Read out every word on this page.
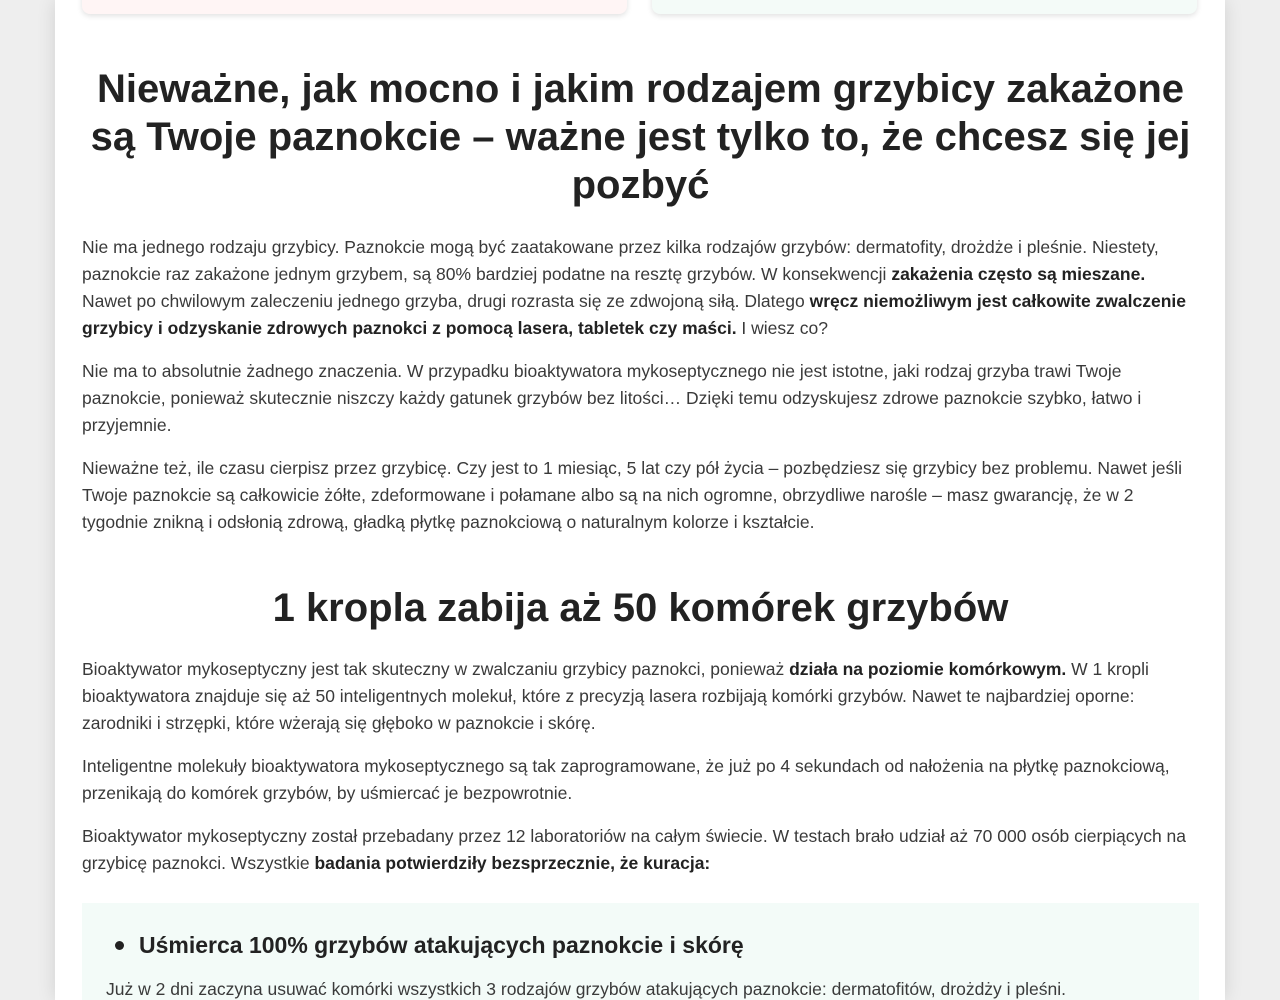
Nieważne, jak mocno i jakim rodzajem grzybicy zakażone są Twoje paznokcie – ważne jest tylko to, że chcesz się jej pozbyć

Nie ma jednego rodzaju grzybicy. Paznokcie mogą być zaatakowane przez kilka rodzajów grzybów: dermatofity, drożdże i pleśnie. Niestety, paznokcie raz zakażone jednym grzybem, są 80% bardziej podatne na resztę grzybów. W konsekwencji zakażenia często są mieszane. Nawet po chwilowym zaleczeniu jednego grzyba, drugi rozrasta się ze zdwojoną siłą. Dlatego wręcz niemożliwym jest całkowite zwalczenie grzybicy i odzyskanie zdrowych paznokci z pomocą lasera, tabletek czy maści. I wiesz co?

Nie ma to absolutnie żadnego znaczenia. W przypadku bioaktywatora mykoseptycznego nie jest istotne, jaki rodzaj grzyba trawi Twoje paznokcie, ponieważ skutecznie niszczy każdy gatunek grzybów bez litości… Dzięki temu odzyskujesz zdrowe paznokcie szybko, łatwo i przyjemnie.

Nieważne też, ile czasu cierpisz przez grzybicę. Czy jest to 1 miesiąc, 5 lat czy pół życia – pozbędziesz się grzybicy bez problemu. Nawet jeśli Twoje paznokcie są całkowicie żółte, zdeformowane i połamane albo są na nich ogromne, obrzydliwe narośle – masz gwarancję, że w 2 tygodnie znikną i odsłonią zdrową, gładką płytkę paznokciową o naturalnym kolorze i kształcie.

1 kropla zabija aż 50 komórek grzybów

Bioaktywator mykoseptyczny jest tak skuteczny w zwalczaniu grzybicy paznokci, ponieważ działa na poziomie komórkowym. W 1 kropli bioaktywatora znajduje się aż 50 inteligentnych molekuł, które z precyzją lasera rozbijają komórki grzybów. Nawet te najbardziej oporne: zarodniki i strzępki, które wżerają się głęboko w paznokcie i skórę.

Inteligentne molekuły bioaktywatora mykoseptycznego są tak zaprogramowane, że już po 4 sekundach od nałożenia na płytkę paznokciową, przenikają do komórek grzybów, by uśmiercać je bezpowrotnie.

Bioaktywator mykoseptyczny został przebadany przez 12 laboratoriów na całym świecie. W testach brało udział aż 70 000 osób cierpiących na grzybicę paznokci. Wszystkie badania potwierdziły bezsprzecznie, że kuracja:

Uśmierca 100% grzybów atakujących paznokcie i skórę
Już w 2 dni zaczyna usuwać komórki wszystkich 3 rodzajów grzybów atakujących paznokcie: dermatofitów, drożdży i pleśni.
